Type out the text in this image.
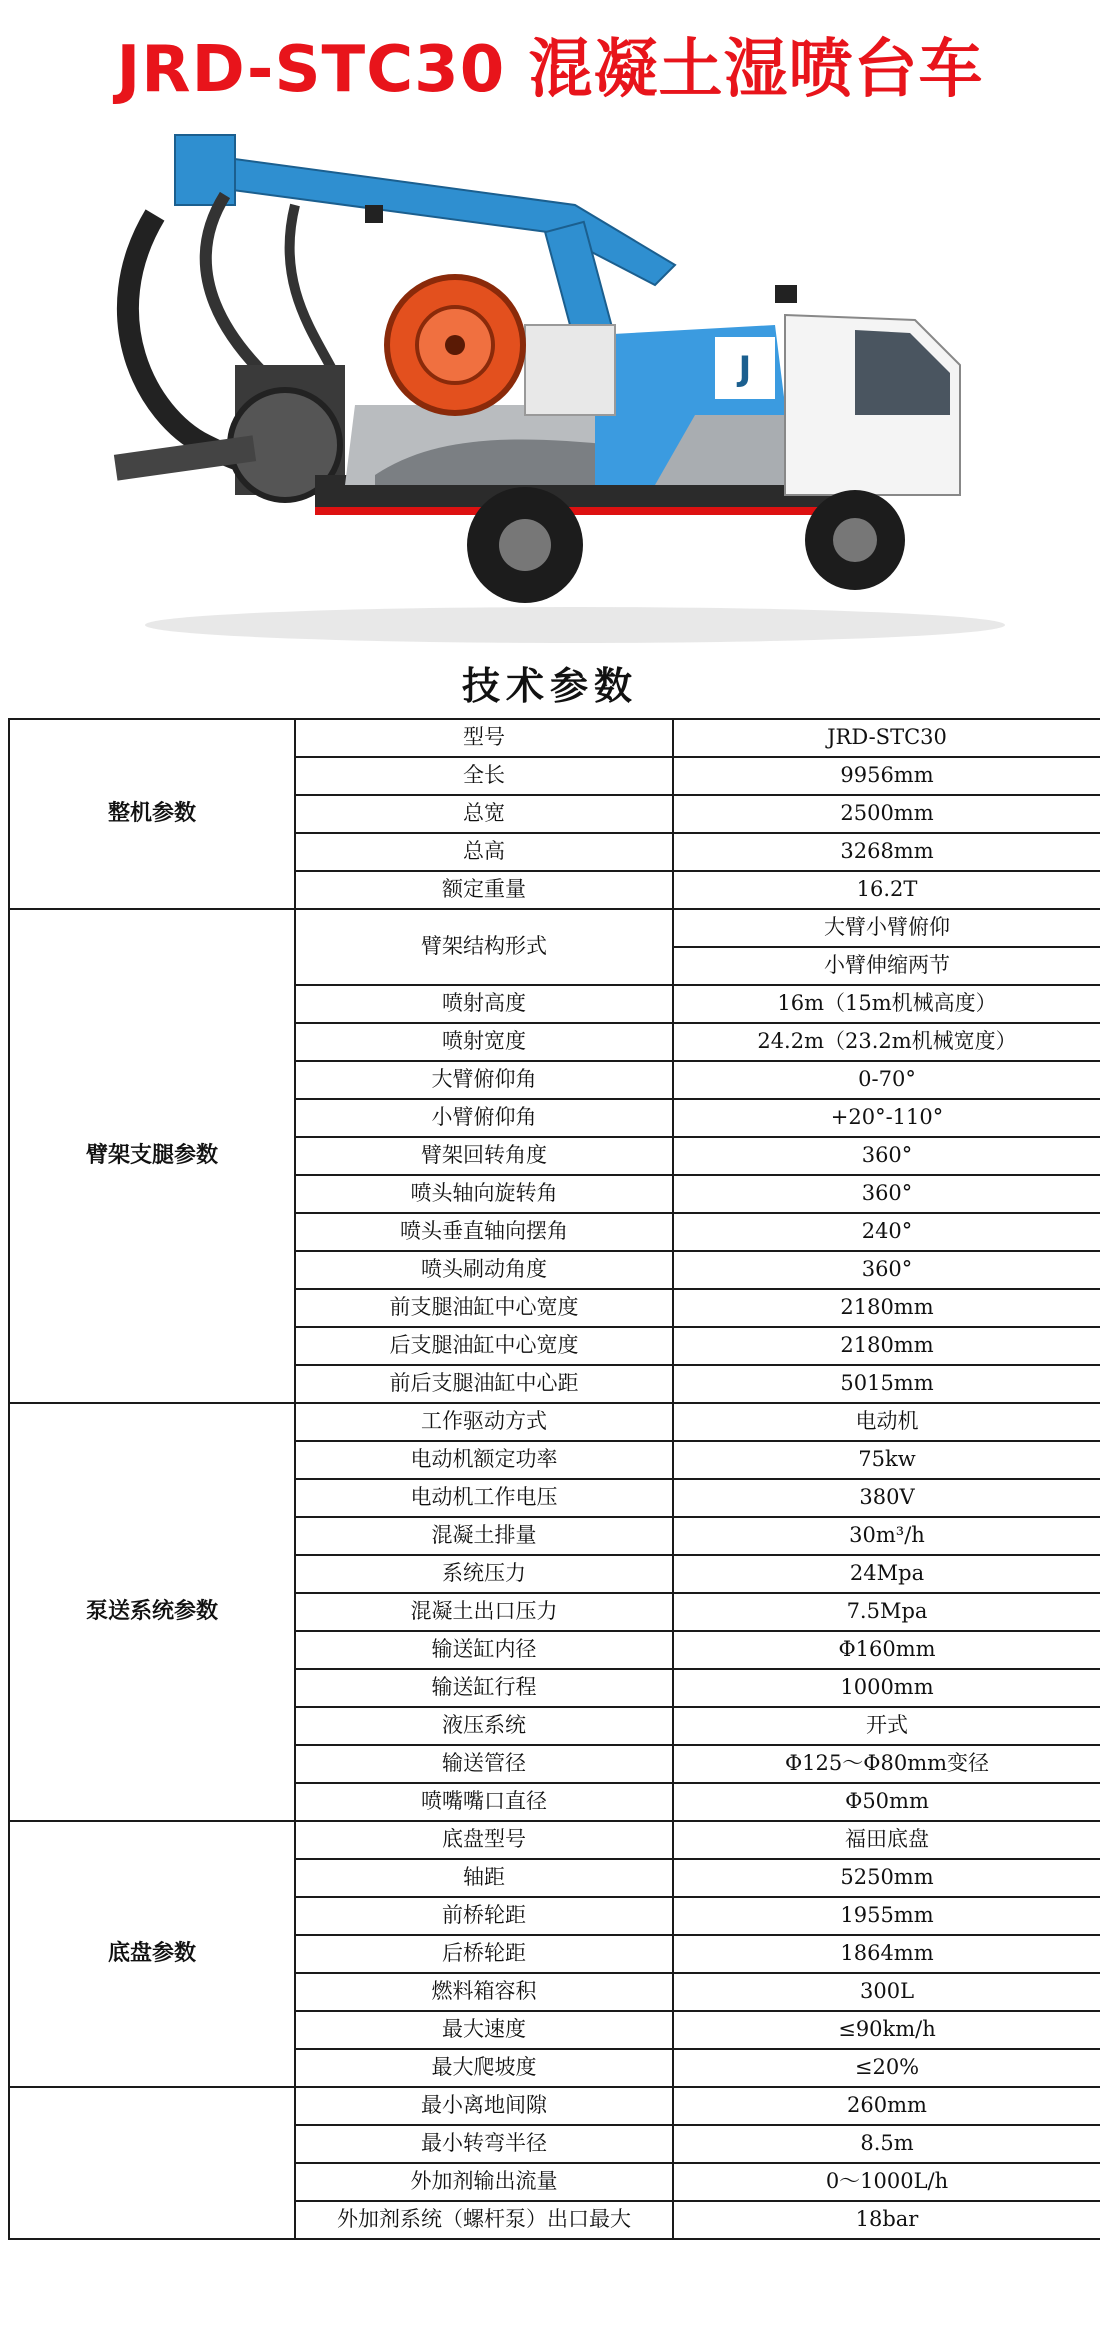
JRD-STC30 混凝土湿喷台车
J
技术参数
整机参数	型号	JRD-STC30
	全长	9956mm
	总宽	2500mm
	总高	3268mm
	额定重量	16.2T
臂架支腿参数	臂架结构形式	大臂小臂俯仰
		小臂伸缩两节
	喷射高度	16m（15m机械高度）
	喷射宽度	24.2m（23.2m机械宽度）
	大臂俯仰角	0-70°
	小臂俯仰角	+20°-110°
	臂架回转角度	360°
	喷头轴向旋转角	360°
	喷头垂直轴向摆角	240°
	喷头刷动角度	360°
	前支腿油缸中心宽度	2180mm
	后支腿油缸中心宽度	2180mm
	前后支腿油缸中心距	5015mm
泵送系统参数	工作驱动方式	电动机
	电动机额定功率	75kw
	电动机工作电压	380V
	混凝土排量	30m³/h
	系统压力	24Mpa
	混凝土出口压力	7.5Mpa
	输送缸内径	Φ160mm
	输送缸行程	1000mm
	液压系统	开式
	输送管径	Φ125～Φ80mm变径
	喷嘴嘴口直径	Φ50mm
底盘参数	底盘型号	福田底盘
	轴距	5250mm
	前桥轮距	1955mm
	后桥轮距	1864mm
	燃料箱容积	300L
	最大速度	≤90km/h
	最大爬坡度	≤20%
	最小离地间隙	260mm
	最小转弯半径	8.5m
	外加剂输出流量	0～1000L/h
	外加剂系统（螺杆泵）出口最大	18bar
